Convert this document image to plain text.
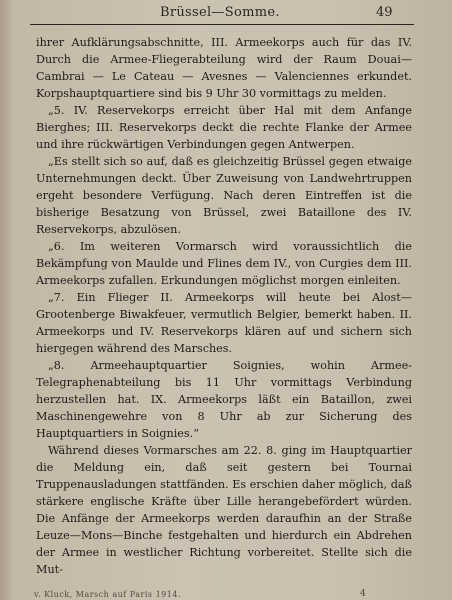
Brüssel—Somme.	49

ihrer Aufklärungsabschnitte, III. Armeekorps auch für das IV. Durch die Armee-Fliegerabteilung wird der Raum Douai—Cambrai — Le Cateau — Avesnes — Valenciennes erkundet. Korpshauptquartiere sind bis 9 Uhr 30 vormittags zu melden.

„5. IV. Reservekorps erreicht über Hal mit dem Anfange Bierghes; III. Reservekorps deckt die rechte Flanke der Armee und ihre rückwärtigen Verbindungen gegen Antwerpen.

„Es stellt sich so auf, daß es gleichzeitig Brüssel gegen etwaige Unternehmungen deckt. Über Zuweisung von Landwehrtruppen ergeht besondere Verfügung. Nach deren Eintreffen ist die bisherige Besatzung von Brüssel, zwei Bataillone des IV. Reservekorps, abzulösen.

„6. Im weiteren Vormarsch wird voraussichtlich die Bekämpfung von Maulde und Flines dem IV., von Curgies dem III. Armeekorps zufallen. Erkundungen möglichst morgen einleiten.

„7. Ein Flieger II. Armeekorps will heute bei Alost—Grootenberge Biwakfeuer, vermutlich Belgier, bemerkt haben. II. Armeekorps und IV. Reservekorps klären auf und sichern sich hiergegen während des Marsches.

„8. Armeehauptquartier Soignies, wohin Armee-Telegraphenabteilung bis 11 Uhr vormittags Verbindung herzustellen hat. IX. Armeekorps läßt ein Bataillon, zwei Maschinengewehre von 8 Uhr ab zur Sicherung des Hauptquartiers in Soignies.“

Während dieses Vormarsches am 22. 8. ging im Hauptquartier die Meldung ein, daß seit gestern bei Tournai Truppenausladungen stattfänden. Es erschien daher möglich, daß stärkere englische Kräfte über Lille herangebefördert würden. Die Anfänge der Armeekorps werden daraufhin an der Straße Leuze—Mons—Binche festgehalten und hierdurch ein Abdrehen der Armee in westlicher Richtung vorbereitet. Stellte sich die Mut-

v. Kluck, Marsch auf Paris 1914.	4
